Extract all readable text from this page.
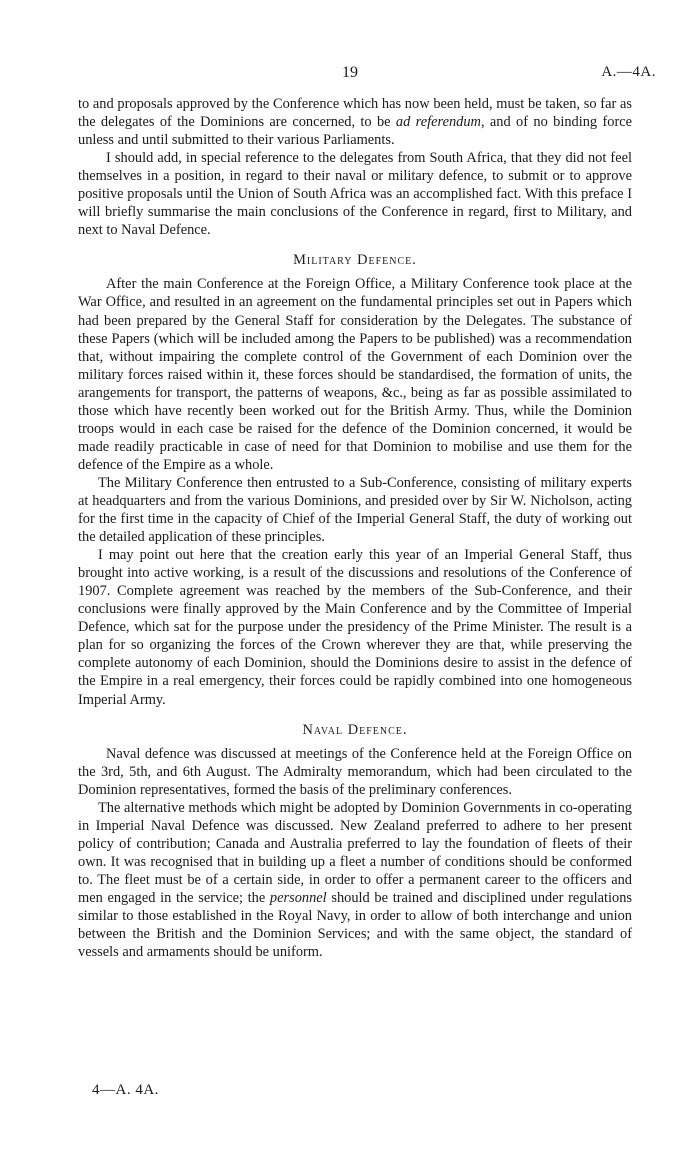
19	A.—4A.

to and proposals approved by the Conference which has now been held, must be taken, so far as the delegates of the Dominions are concerned, to be ad referendum, and of no binding force unless and until submitted to their various Parliaments.

I should add, in special reference to the delegates from South Africa, that they did not feel themselves in a position, in regard to their naval or military defence, to submit or to approve positive proposals until the Union of South Africa was an accomplished fact. With this preface I will briefly summarise the main conclusions of the Conference in regard, first to Military, and next to Naval Defence.

Military Defence.

After the main Conference at the Foreign Office, a Military Conference took place at the War Office, and resulted in an agreement on the fundamental principles set out in Papers which had been prepared by the General Staff for consideration by the Delegates. The substance of these Papers (which will be included among the Papers to be published) was a recommendation that, without impairing the complete control of the Government of each Dominion over the military forces raised within it, these forces should be standardised, the formation of units, the arangements for transport, the patterns of weapons, &c., being as far as possible assimilated to those which have recently been worked out for the British Army. Thus, while the Dominion troops would in each case be raised for the defence of the Dominion concerned, it would be made readily practicable in case of need for that Dominion to mobilise and use them for the defence of the Empire as a whole.

The Military Conference then entrusted to a Sub-Conference, consisting of military experts at headquarters and from the various Dominions, and presided over by Sir W. Nicholson, acting for the first time in the capacity of Chief of the Imperial General Staff, the duty of working out the detailed application of these principles.

I may point out here that the creation early this year of an Imperial General Staff, thus brought into active working, is a result of the discussions and resolutions of the Conference of 1907. Complete agreement was reached by the members of the Sub-Conference, and their conclusions were finally approved by the Main Conference and by the Committee of Imperial Defence, which sat for the purpose under the presidency of the Prime Minister. The result is a plan for so organizing the forces of the Crown wherever they are that, while preserving the complete autonomy of each Dominion, should the Dominions desire to assist in the defence of the Empire in a real emergency, their forces could be rapidly combined into one homogeneous Imperial Army.

Naval Defence.

Naval defence was discussed at meetings of the Conference held at the Foreign Office on the 3rd, 5th, and 6th August. The Admiralty memorandum, which had been circulated to the Dominion representatives, formed the basis of the preliminary conferences.

The alternative methods which might be adopted by Dominion Governments in co-operating in Imperial Naval Defence was discussed. New Zealand preferred to adhere to her present policy of contribution; Canada and Australia preferred to lay the foundation of fleets of their own. It was recognised that in building up a fleet a number of conditions should be conformed to. The fleet must be of a certain side, in order to offer a permanent career to the officers and men engaged in the service; the personnel should be trained and disciplined under regulations similar to those established in the Royal Navy, in order to allow of both interchange and union between the British and the Dominion Services; and with the same object, the standard of vessels and armaments should be uniform.

4—A. 4A.
